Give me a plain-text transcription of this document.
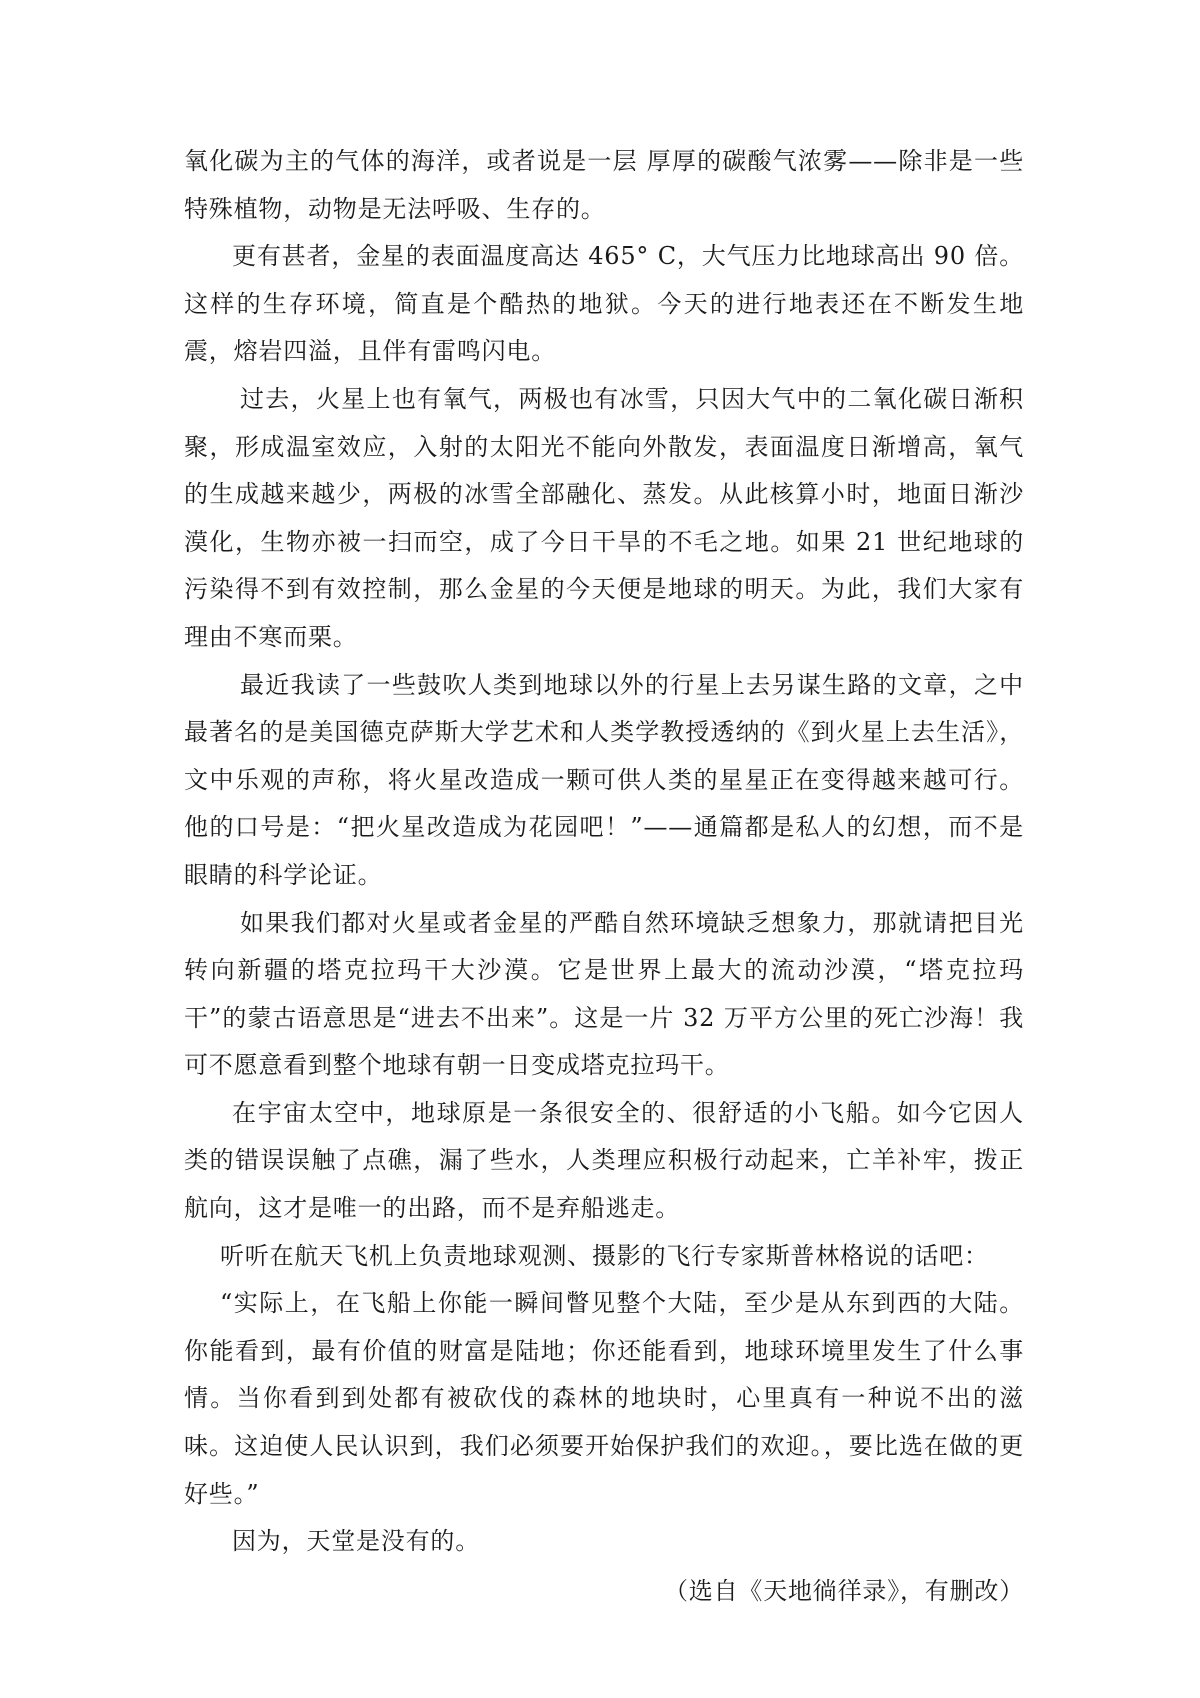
氧化碳为主的气体的海洋，或者说是一层 厚厚的碳酸气浓雾——除非是一些特殊植物，动物是无法呼吸、生存的。

更有甚者，金星的表面温度高达 465° C，大气压力比地球高出 90 倍。这样的生存环境，简直是个酷热的地狱。今天的进行地表还在不断发生地震，熔岩四溢，且伴有雷鸣闪电。

过去，火星上也有氧气，两极也有冰雪，只因大气中的二氧化碳日渐积聚，形成温室效应，入射的太阳光不能向外散发，表面温度日渐增高，氧气的生成越来越少，两极的冰雪全部融化、蒸发。从此核算小时，地面日渐沙漠化，生物亦被一扫而空，成了今日干旱的不毛之地。如果 21 世纪地球的污染得不到有效控制，那么金星的今天便是地球的明天。为此，我们大家有理由不寒而栗。

最近我读了一些鼓吹人类到地球以外的行星上去另谋生路的文章，之中最著名的是美国德克萨斯大学艺术和人类学教授透纳的《到火星上去生活》，文中乐观的声称，将火星改造成一颗可供人类的星星正在变得越来越可行。他的口号是：“把火星改造成为花园吧！”——通篇都是私人的幻想，而不是眼睛的科学论证。

如果我们都对火星或者金星的严酷自然环境缺乏想象力，那就请把目光转向新疆的塔克拉玛干大沙漠。它是世界上最大的流动沙漠，“塔克拉玛干”的蒙古语意思是“进去不出来”。这是一片 32 万平方公里的死亡沙海！我可不愿意看到整个地球有朝一日变成塔克拉玛干。

在宇宙太空中，地球原是一条很安全的、很舒适的小飞船。如今它因人类的错误误触了点礁，漏了些水，人类理应积极行动起来，亡羊补牢，拨正航向，这才是唯一的出路，而不是弃船逃走。

听听在航天飞机上负责地球观测、摄影的飞行专家斯普林格说的话吧：

“实际上，在飞船上你能一瞬间瞥见整个大陆，至少是从东到西的大陆。你能看到，最有价值的财富是陆地；你还能看到，地球环境里发生了什么事情。当你看到到处都有被砍伐的森林的地块时，心里真有一种说不出的滋味。这迫使人民认识到，我们必须要开始保护我们的欢迎。，要比选在做的更好些。”

因为，天堂是没有的。

（选自《天地徜徉录》，有删改）
